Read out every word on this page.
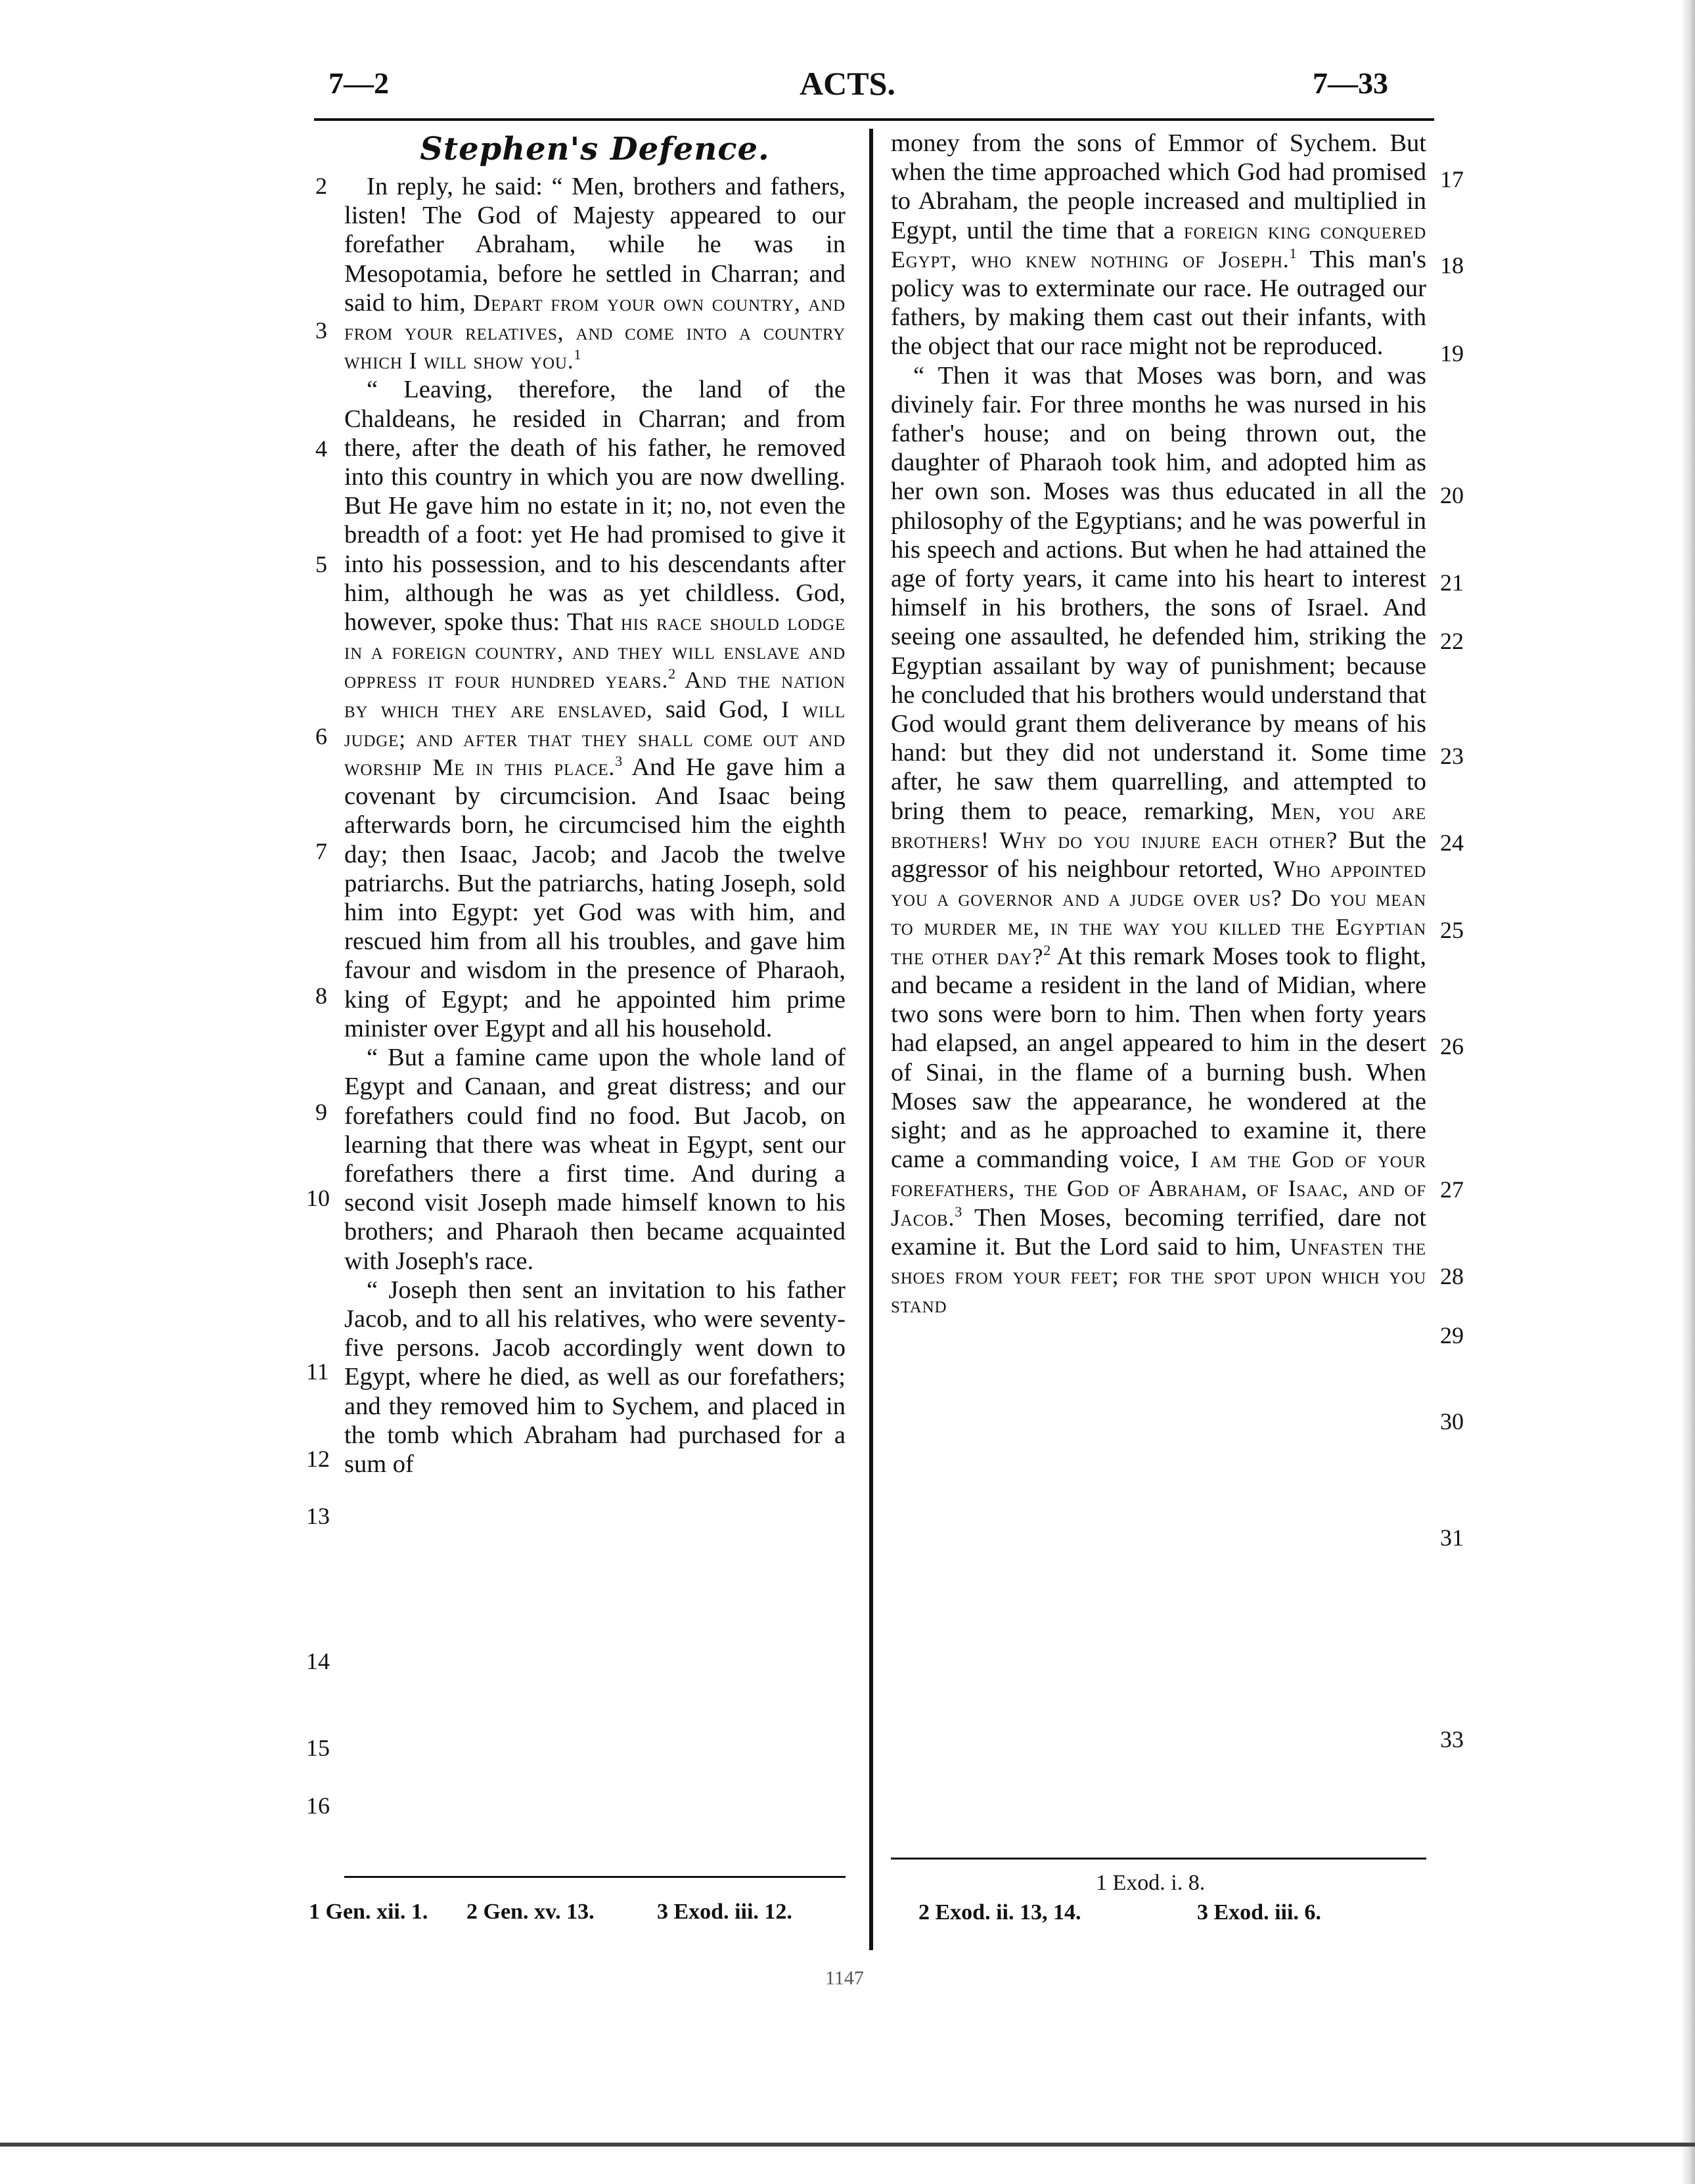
7—2	ACTS.	7—33

Stephen's Defence.

In reply, he said: “ Men, brothers and fathers, listen! The God of Majesty appeared to our forefather Abraham, while he was in Mesopotamia, before he settled in Charran; and said to him, Depart from your own country, and from your relatives, and come into a country which I will show you.$^1$

“ Leaving, therefore, the land of the Chaldeans, he resided in Charran; and from there, after the death of his father, he removed into this country in which you are now dwelling. But He gave him no estate in it; no, not even the breadth of a foot: yet He had promised to give it into his possession, and to his descendants after him, although he was as yet childless. God, however, spoke thus: That his race should lodge in a foreign country, and they will enslave and oppress it four hundred years.$^2$ And the nation by which they are enslaved, said God, I will judge; and after that they shall come out and worship Me in this place.$^3$ And He gave him a covenant by circumcision. And Isaac being afterwards born, he circumcised him the eighth day; then Isaac, Jacob; and Jacob the twelve patriarchs. But the patriarchs, hating Joseph, sold him into Egypt: yet God was with him, and rescued him from all his troubles, and gave him favour and wisdom in the presence of Pharaoh, king of Egypt; and he appointed him prime minister over Egypt and all his household.

“ But a famine came upon the whole land of Egypt and Canaan, and great distress; and our forefathers could find no food. But Jacob, on learning that there was wheat in Egypt, sent our forefathers there a first time. And during a second visit Joseph made himself known to his brothers; and Pharaoh then became acquainted with Joseph's race.

“ Joseph then sent an invitation to his father Jacob, and to all his relatives, who were seventy-five persons. Jacob accordingly went down to Egypt, where he died, as well as our forefathers; and they removed him to Sychem, and placed in the tomb which Abraham had purchased for a sum of

money from the sons of Emmor of Sychem. But when the time approached which God had promised to Abraham, the people increased and multiplied in Egypt, until the time that a foreign king conquered Egypt, who knew nothing of Joseph.$^1$ This man's policy was to exterminate our race. He outraged our fathers, by making them cast out their infants, with the object that our race might not be reproduced.

“ Then it was that Moses was born, and was divinely fair. For three months he was nursed in his father's house; and on being thrown out, the daughter of Pharaoh took him, and adopted him as her own son. Moses was thus educated in all the philosophy of the Egyptians; and he was powerful in his speech and actions. But when he had attained the age of forty years, it came into his heart to interest himself in his brothers, the sons of Israel. And seeing one assaulted, he defended him, striking the Egyptian assailant by way of punishment; because he concluded that his brothers would understand that God would grant them deliverance by means of his hand: but they did not understand it. Some time after, he saw them quarrelling, and attempted to bring them to peace, remarking, Men, you are brothers! Why do you injure each other? But the aggressor of his neighbour retorted, Who appointed you a governor and a judge over us? Do you mean to murder me, in the way you killed the Egyptian the other day?$^2$ At this remark Moses took to flight, and became a resident in the land of Midian, where two sons were born to him. Then when forty years had elapsed, an angel appeared to him in the desert of Sinai, in the flame of a burning bush. When Moses saw the appearance, he wondered at the sight; and as he approached to examine it, there came a commanding voice, I am the God of your forefathers, the God of Abraham, of Isaac, and of Jacob.$^3$ Then Moses, becoming terrified, dare not examine it. But the Lord said to him, Unfasten the shoes from your feet; for the spot upon which you stand

2
3
4
5
6
7
8
9
10
11
12
13
14
15
16
17
18
19
20
21
22
23
24
25
26
27
28
29
30
31
33
1 Gen. xii. 1. 2 Gen. xv. 13.	3 Exod. iii. 12.
1 Exod. i. 8.
2 Exod. ii. 13, 14.	3 Exod. iii. 6.
1147
